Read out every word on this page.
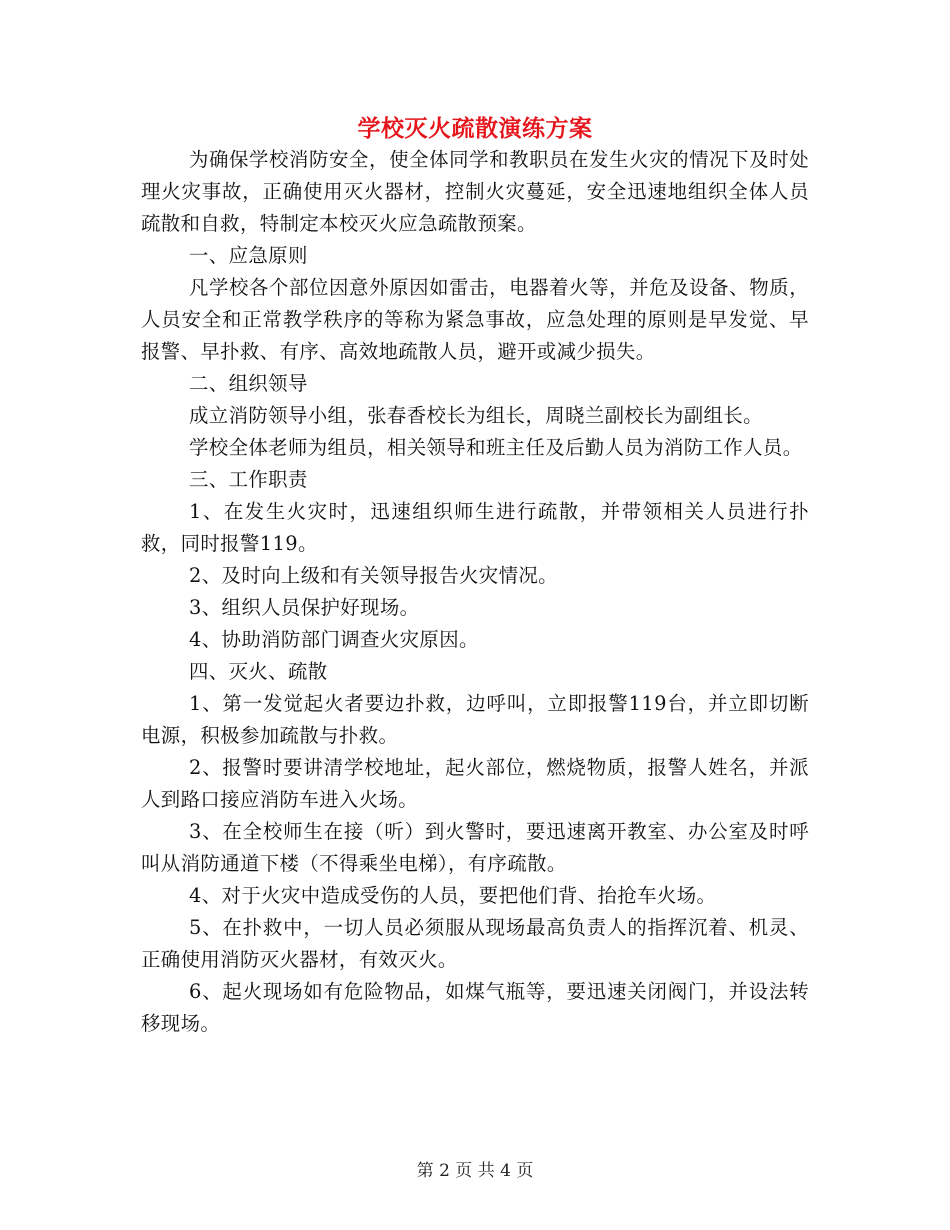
学校灭火疏散演练方案

为确保学校消防安全，使全体同学和教职员在发生火灾的情况下及时处理火灾事故，正确使用灭火器材，控制火灾蔓延，安全迅速地组织全体人员疏散和自救，特制定本校灭火应急疏散预案。

一、应急原则

凡学校各个部位因意外原因如雷击，电器着火等，并危及设备、物质，人员安全和正常教学秩序的等称为紧急事故，应急处理的原则是早发觉、早报警、早扑救、有序、高效地疏散人员，避开或减少损失。

二、组织领导

成立消防领导小组，张春香校长为组长，周晓兰副校长为副组长。

学校全体老师为组员，相关领导和班主任及后勤人员为消防工作人员。

三、工作职责

1、在发生火灾时，迅速组织师生进行疏散，并带领相关人员进行扑救，同时报警119。

2、及时向上级和有关领导报告火灾情况。

3、组织人员保护好现场。

4、协助消防部门调查火灾原因。

四、灭火、疏散

1、第一发觉起火者要边扑救，边呼叫，立即报警119台，并立即切断电源，积极参加疏散与扑救。

2、报警时要讲清学校地址，起火部位，燃烧物质，报警人姓名，并派人到路口接应消防车进入火场。

3、在全校师生在接（听）到火警时，要迅速离开教室、办公室及时呼叫从消防通道下楼（不得乘坐电梯），有序疏散。

4、对于火灾中造成受伤的人员，要把他们背、抬抢车火场。

5、在扑救中，一切人员必须服从现场最高负责人的指挥沉着、机灵、正确使用消防灭火器材，有效灭火。

6、起火现场如有危险物品，如煤气瓶等，要迅速关闭阀门，并设法转移现场。

第 2 页 共 4 页
